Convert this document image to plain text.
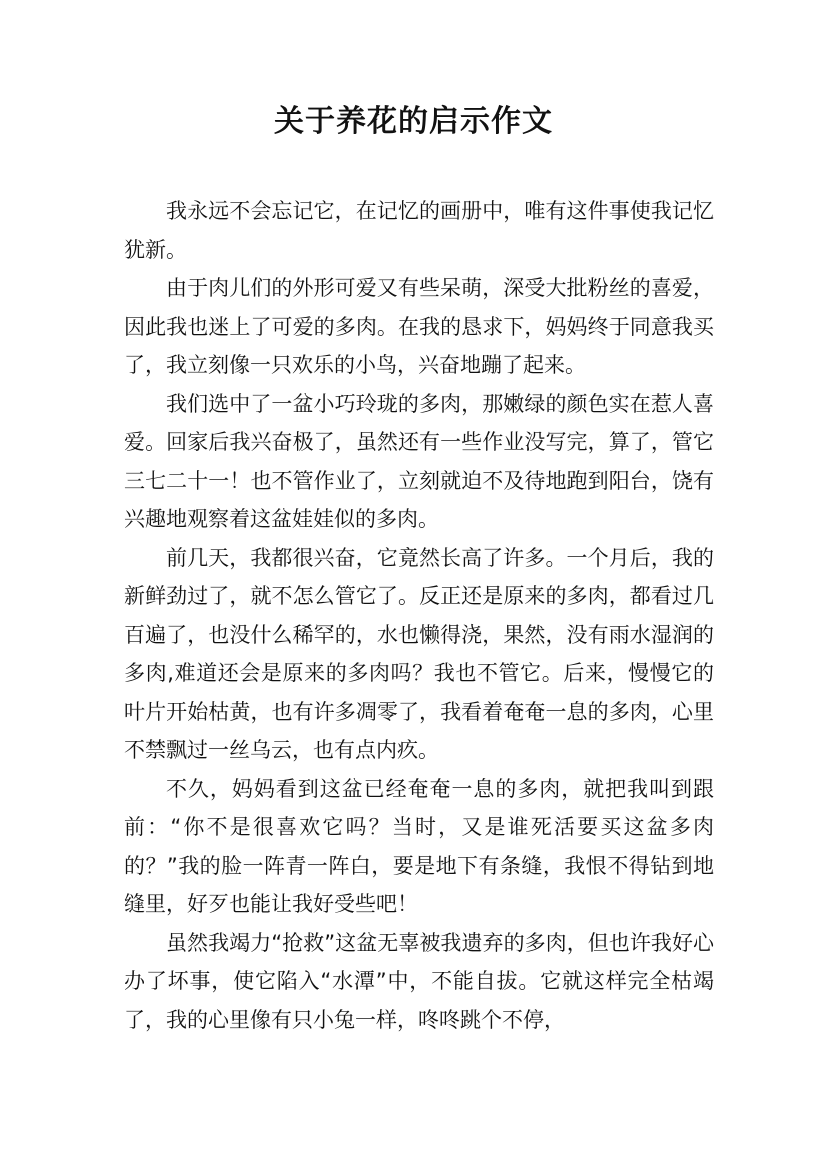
关于养花的启示作文

我永远不会忘记它，在记忆的画册中，唯有这件事使我记忆犹新。

由于肉儿们的外形可爱又有些呆萌，深受大批粉丝的喜爱，因此我也迷上了可爱的多肉。在我的恳求下，妈妈终于同意我买了，我立刻像一只欢乐的小鸟，兴奋地蹦了起来。

我们选中了一盆小巧玲珑的多肉，那嫩绿的颜色实在惹人喜爱。回家后我兴奋极了，虽然还有一些作业没写完，算了，管它三七二十一！也不管作业了，立刻就迫不及待地跑到阳台，饶有兴趣地观察着这盆娃娃似的多肉。

前几天，我都很兴奋，它竟然长高了许多。一个月后，我的新鲜劲过了，就不怎么管它了。反正还是原来的多肉，都看过几百遍了，也没什么稀罕的，水也懒得浇，果然，没有雨水湿润的多肉,难道还会是原来的多肉吗？我也不管它。后来，慢慢它的叶片开始枯黄，也有许多凋零了，我看着奄奄一息的多肉，心里不禁飘过一丝乌云，也有点内疚。

不久，妈妈看到这盆已经奄奄一息的多肉，就把我叫到跟前：“你不是很喜欢它吗？当时，又是谁死活要买这盆多肉的？”我的脸一阵青一阵白，要是地下有条缝，我恨不得钻到地缝里，好歹也能让我好受些吧！

虽然我竭力“抢救”这盆无辜被我遗弃的多肉，但也许我好心办了坏事，使它陷入“水潭”中，不能自拔。它就这样完全枯竭了，我的心里像有只小兔一样，咚咚跳个不停，
